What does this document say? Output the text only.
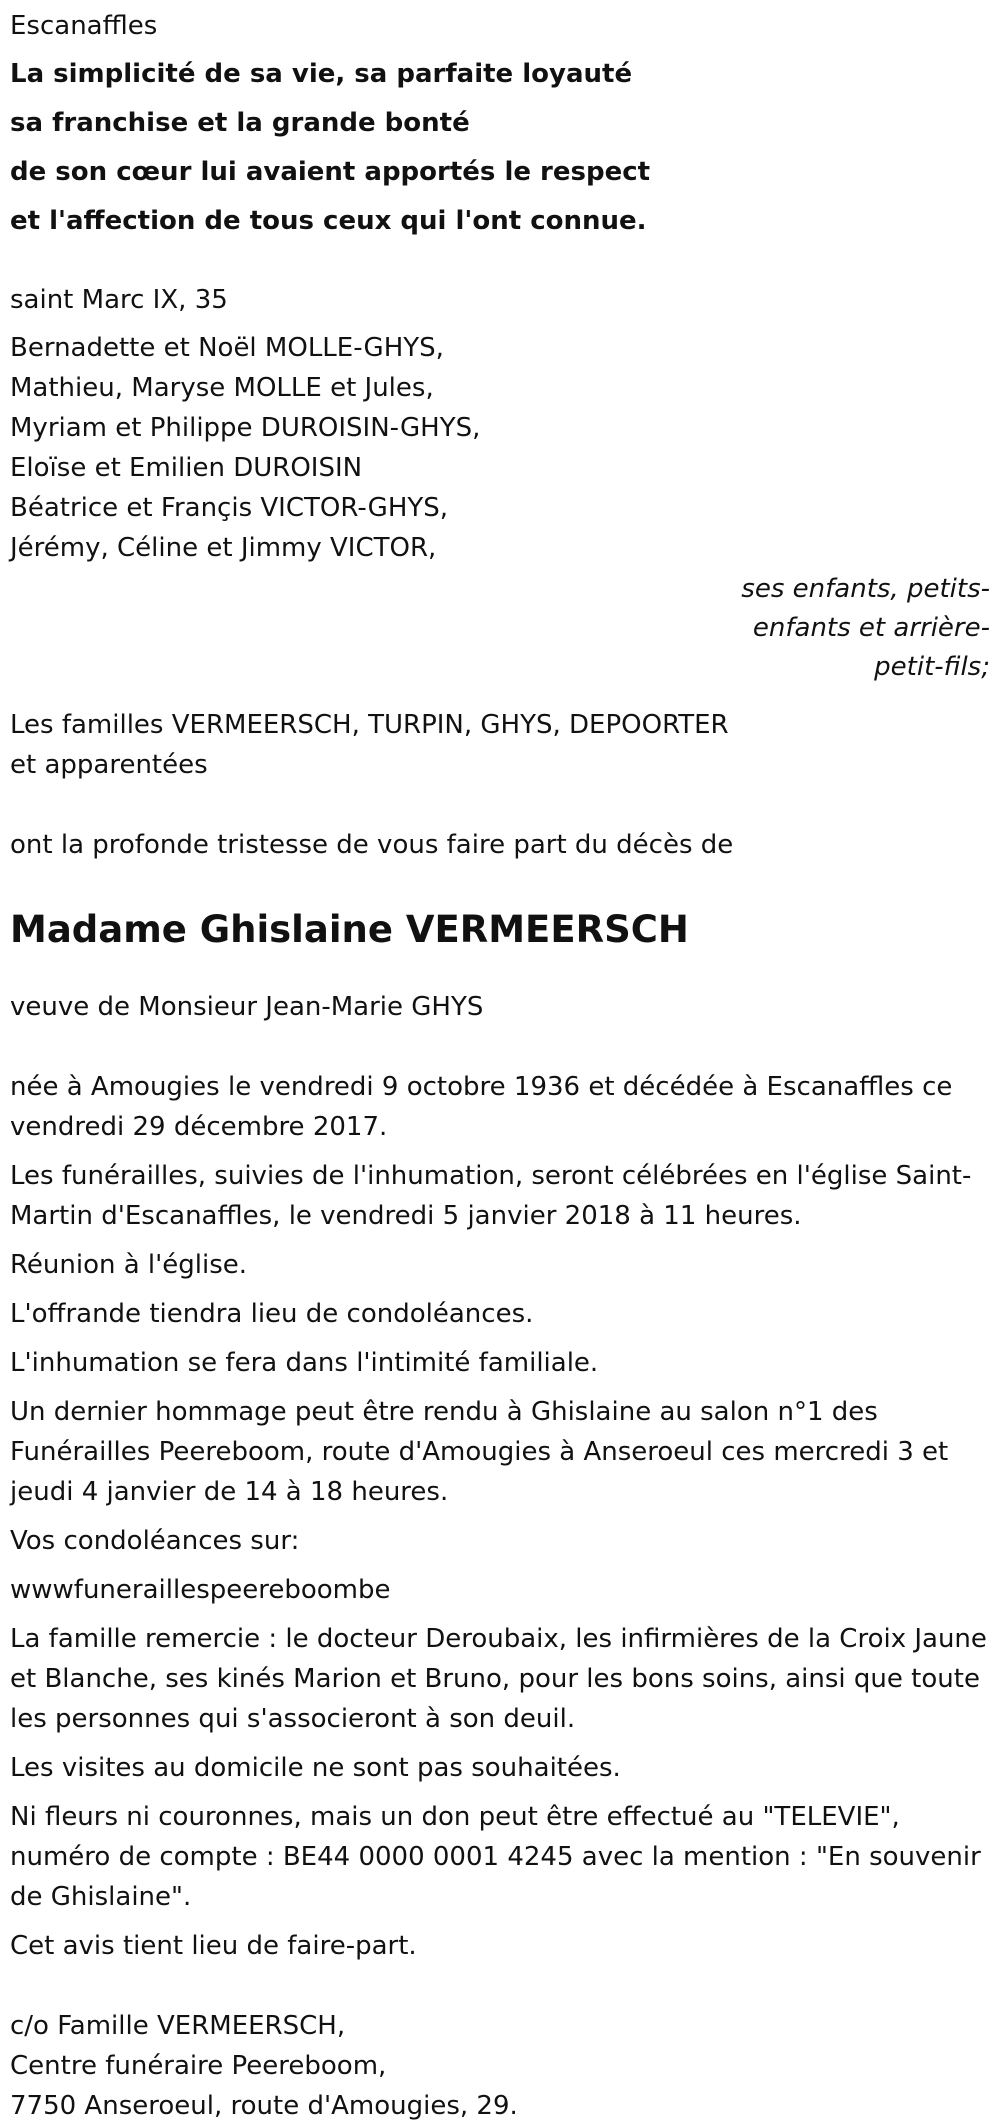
Escanaffles

La simplicité de sa vie, sa parfaite loyauté
sa franchise et la grande bonté
de son cœur lui avaient apportés le respect
et l'affection de tous ceux qui l'ont connue.

saint Marc IX, 35

Bernadette et Noël MOLLE-GHYS,
Mathieu, Maryse MOLLE et Jules,
Myriam et Philippe DUROISIN-GHYS,
Eloïse et Emilien DUROISIN
Béatrice et Françis VICTOR-GHYS,
Jérémy, Céline et Jimmy VICTOR,

ses enfants, petits-enfants et arrière-petit-fils;

Les familles VERMEERSCH, TURPIN, GHYS, DEPOORTER et apparentées

ont la profonde tristesse de vous faire part du décès de

Madame Ghislaine VERMEERSCH

veuve de Monsieur Jean-Marie GHYS

née à Amougies le vendredi 9 octobre 1936 et décédée à Escanaffles ce vendredi 29 décembre 2017.

Les funérailles, suivies de l'inhumation, seront célébrées en l'église Saint-Martin d'Escanaffles, le vendredi 5 janvier 2018 à 11 heures.

Réunion à l'église.

L'offrande tiendra lieu de condoléances.

L'inhumation se fera dans l'intimité familiale.

Un dernier hommage peut être rendu à Ghislaine au salon n°1 des Funérailles Peereboom, route d'Amougies à Anseroeul ces mercredi 3 et jeudi 4 janvier de 14 à 18 heures.

Vos condoléances sur:

wwwfuneraillespeereboombe

La famille remercie : le docteur Deroubaix, les infirmières de la Croix Jaune et Blanche, ses kinés Marion et Bruno, pour les bons soins, ainsi que toute les personnes qui s'associeront à son deuil.

Les visites au domicile ne sont pas souhaitées.

Ni fleurs ni couronnes, mais un don peut être effectué au "TELEVIE", numéro de compte : BE44 0000 0001 4245 avec la mention : "En souvenir de Ghislaine".

Cet avis tient lieu de faire-part.

c/o Famille VERMEERSCH,
Centre funéraire Peereboom,
7750 Anseroeul, route d'Amougies, 29.
